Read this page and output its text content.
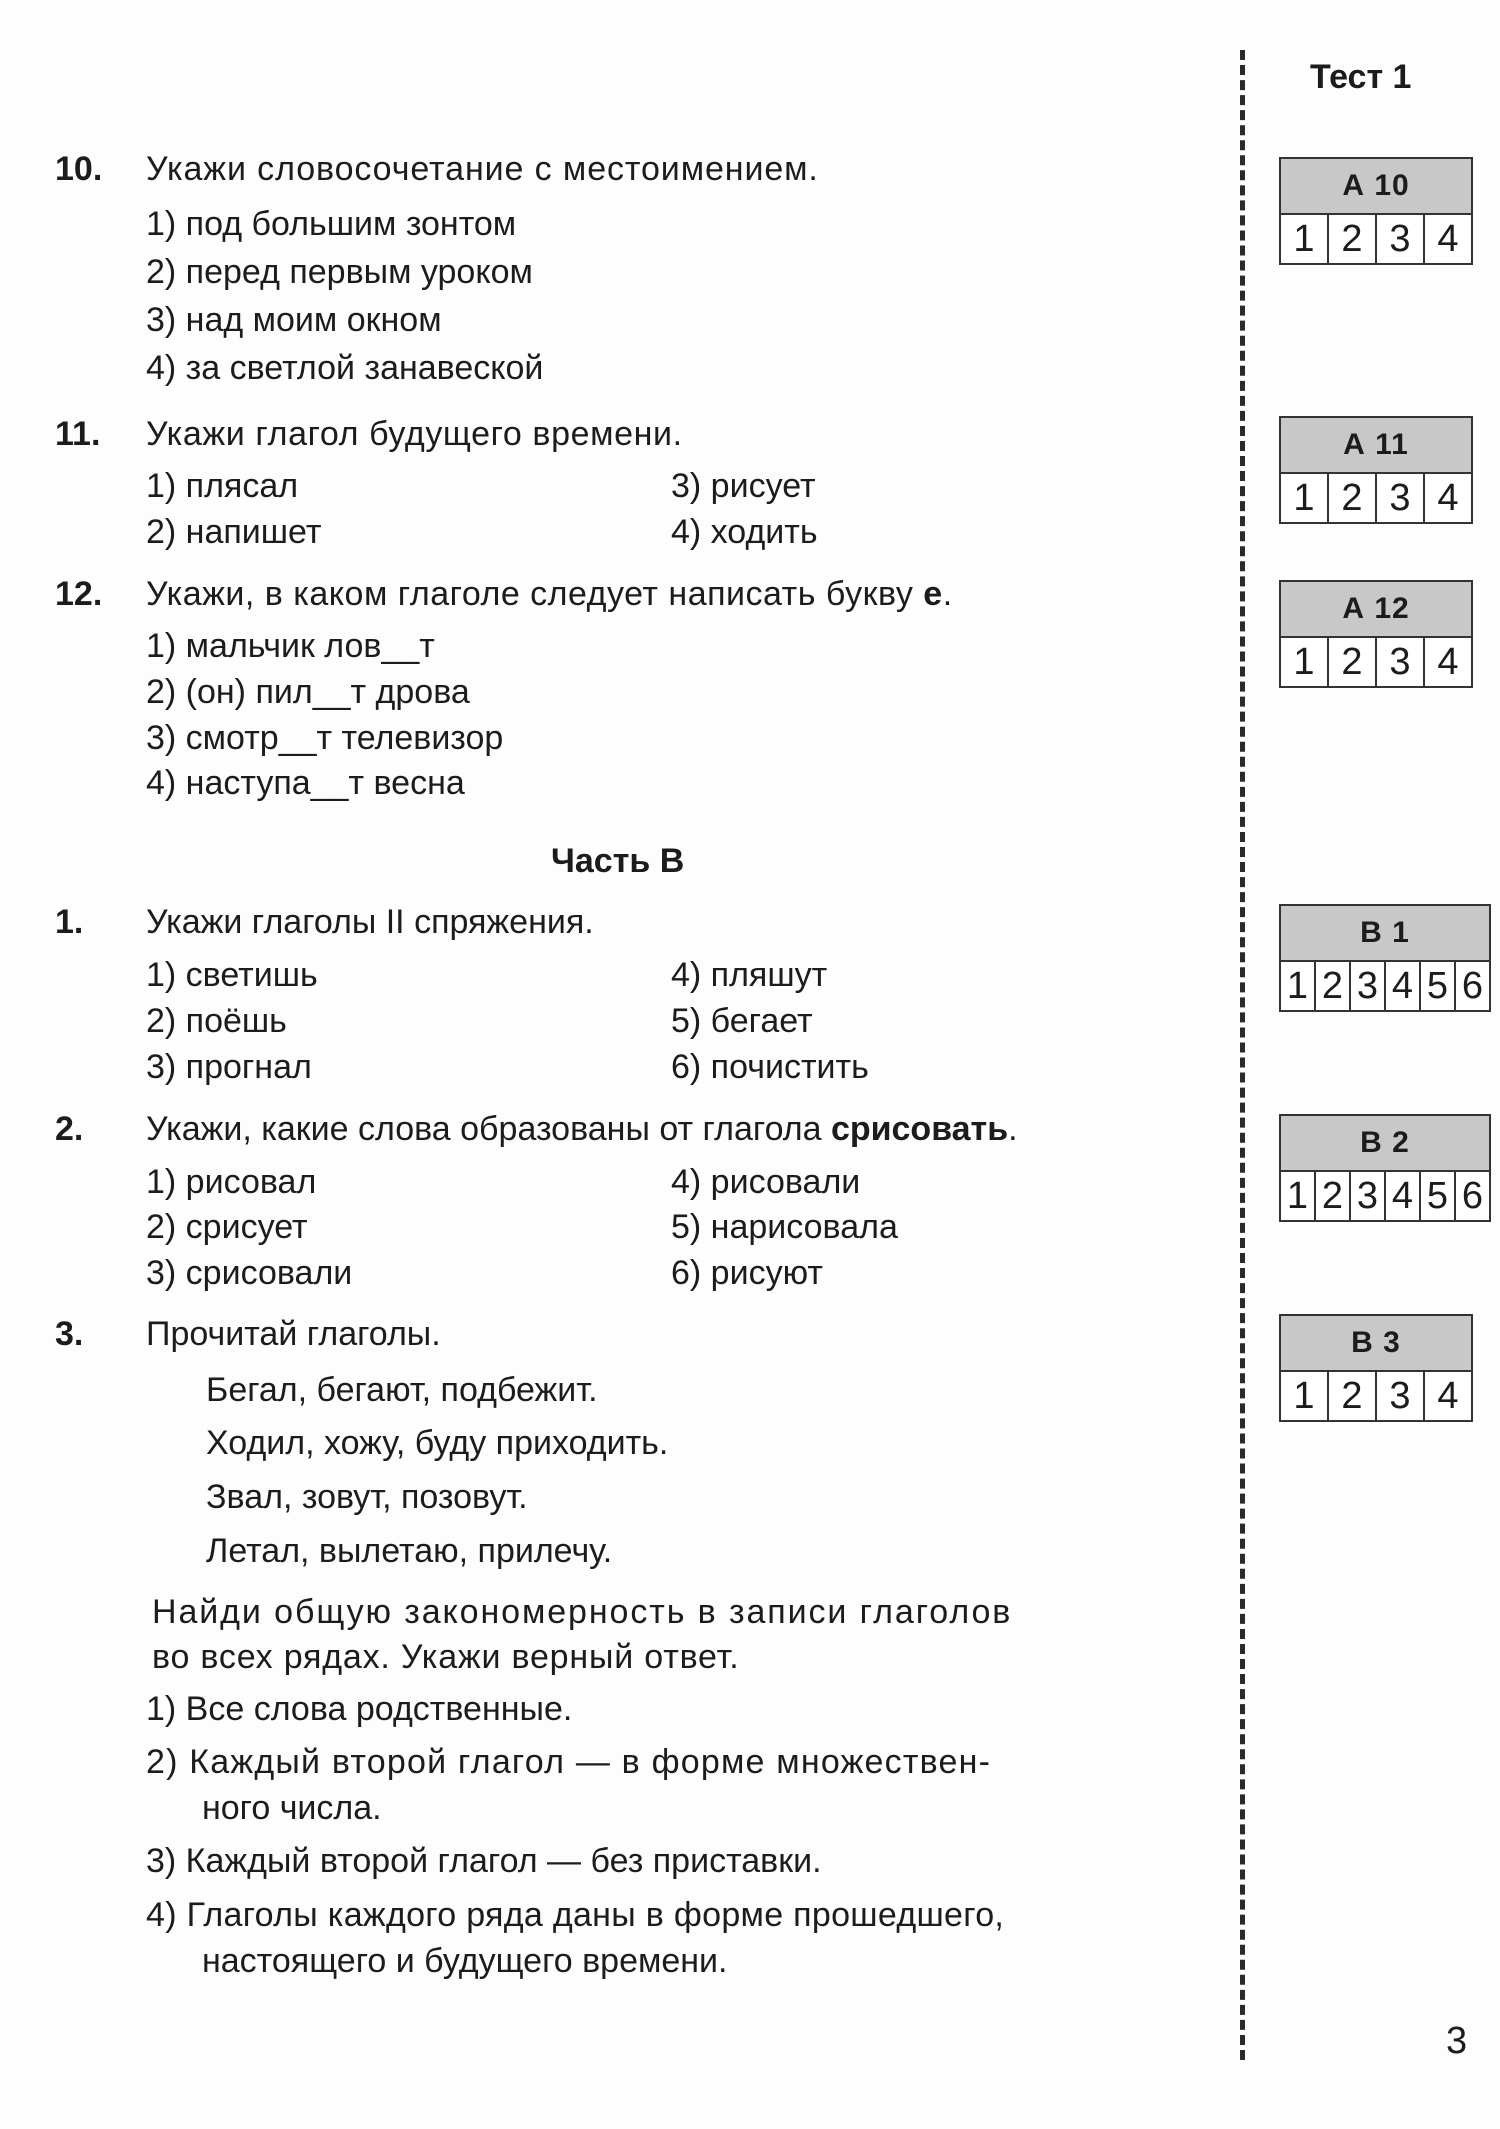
Тест 1
А 10
1 2 3 4
А 11
1 2 3 4
А 12
1 2 3 4
В 1
1 2 3 4 5 6
В 2
1 2 3 4 5 6
В 3
1 2 3 4
3
10. Укажи словосочетание с местоимением.
1) под большим зонтом
2) перед первым уроком
3) над моим окном
4) за светлой занавеской
11. Укажи глагол будущего времени.
1) плясал
2) напишет
3) рисует
4) ходить
12. Укажи, в каком глаголе следует написать букву е.
1) мальчик лов__т
2) (он) пил__т дрова
3) смотр__т телевизор
4) наступа__т весна
Часть B
1. Укажи глаголы II спряжения.
1) светишь
2) поёшь
3) прогнал
4) пляшут
5) бегает
6) почистить
2. Укажи, какие слова образованы от глагола срисовать.
1) рисовал
2) срисует
3) срисовали
4) рисовали
5) нарисовала
6) рисуют
3. Прочитай глаголы.
Бегал, бегают, подбежит.
Ходил, хожу, буду приходить.
Звал, зовут, позовут.
Летал, вылетаю, прилечу.
Найди общую закономерность в записи глаголов
во всех рядах. Укажи верный ответ.
1) Все слова родственные.
2) Каждый второй глагол — в форме множествен-
ного числа.
3) Каждый второй глагол — без приставки.
4) Глаголы каждого ряда даны в форме прошедшего,
настоящего и будущего времени.
